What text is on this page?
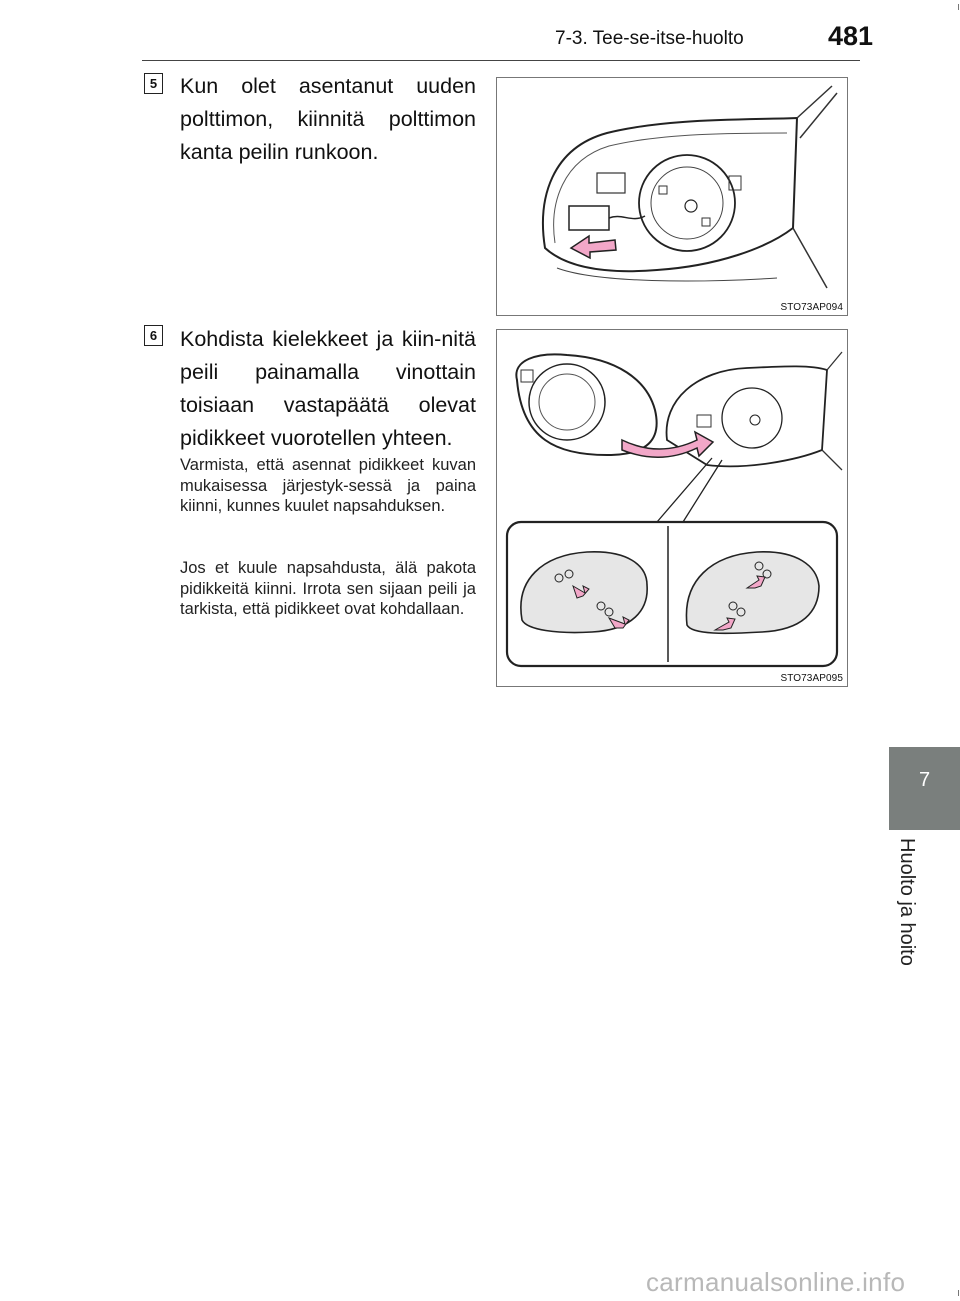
7-3. Tee-se-itse-huolto	481
7
Huolto ja hoito
5 Kun olet asentanut uuden polttimon, kiinnitä polttimon kanta peilin runkoon.
STO73AP094
6 Kohdista kielekkeet ja kiin-nitä peili painamalla vinottain toisiaan vastapäätä olevat pidikkeet vuorotellen yhteen.
Varmista, että asennat pidikkeet kuvan mukaisessa järjestyk-sessä ja paina kiinni, kunnes kuulet napsahduksen.
Jos et kuule napsahdusta, älä pakota pidikkeitä kiinni. Irrota sen sijaan peili ja tarkista, että pidikkeet ovat kohdallaan.
STO73AP095
carmanualsonline.info
